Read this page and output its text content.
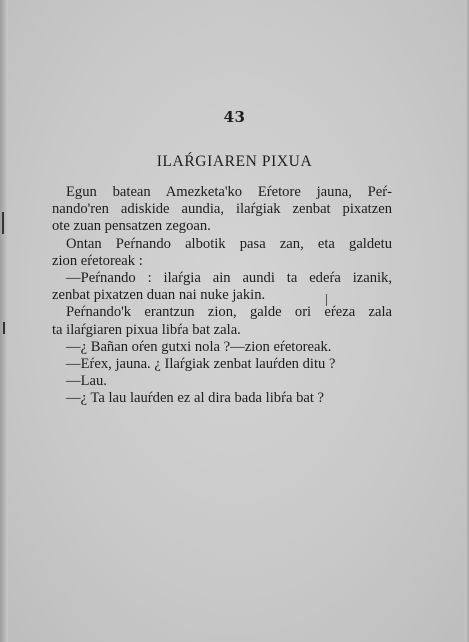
43
ILAŔGIAREN PIXUA
Egun batean Amezketa'ko Eŕetore jauna, Peŕ-
nando'ren adiskide aundia, ilaŕgiak zenbat pixatzen
ote zuan pensatzen zegoan.
Ontan Peŕnando albotik pasa zan, eta galdetu
zion eŕetoreak :
—Peŕnando : ilaŕgia ain aundi ta edeŕa izanik,
zenbat pixatzen duan nai nuke jakin.
Peŕnando'k erantzun zion, galde ori eŕeza zala
ta ilaŕgiaren pixua libŕa bat zala.
—¿ Bañan oŕen gutxi nola ?—zion eŕetoreak.
—Eŕex, jauna. ¿ Ilaŕgiak zenbat lauŕden ditu ?
—Lau.
—¿ Ta lau lauŕden ez al dira bada libŕa bat ?
